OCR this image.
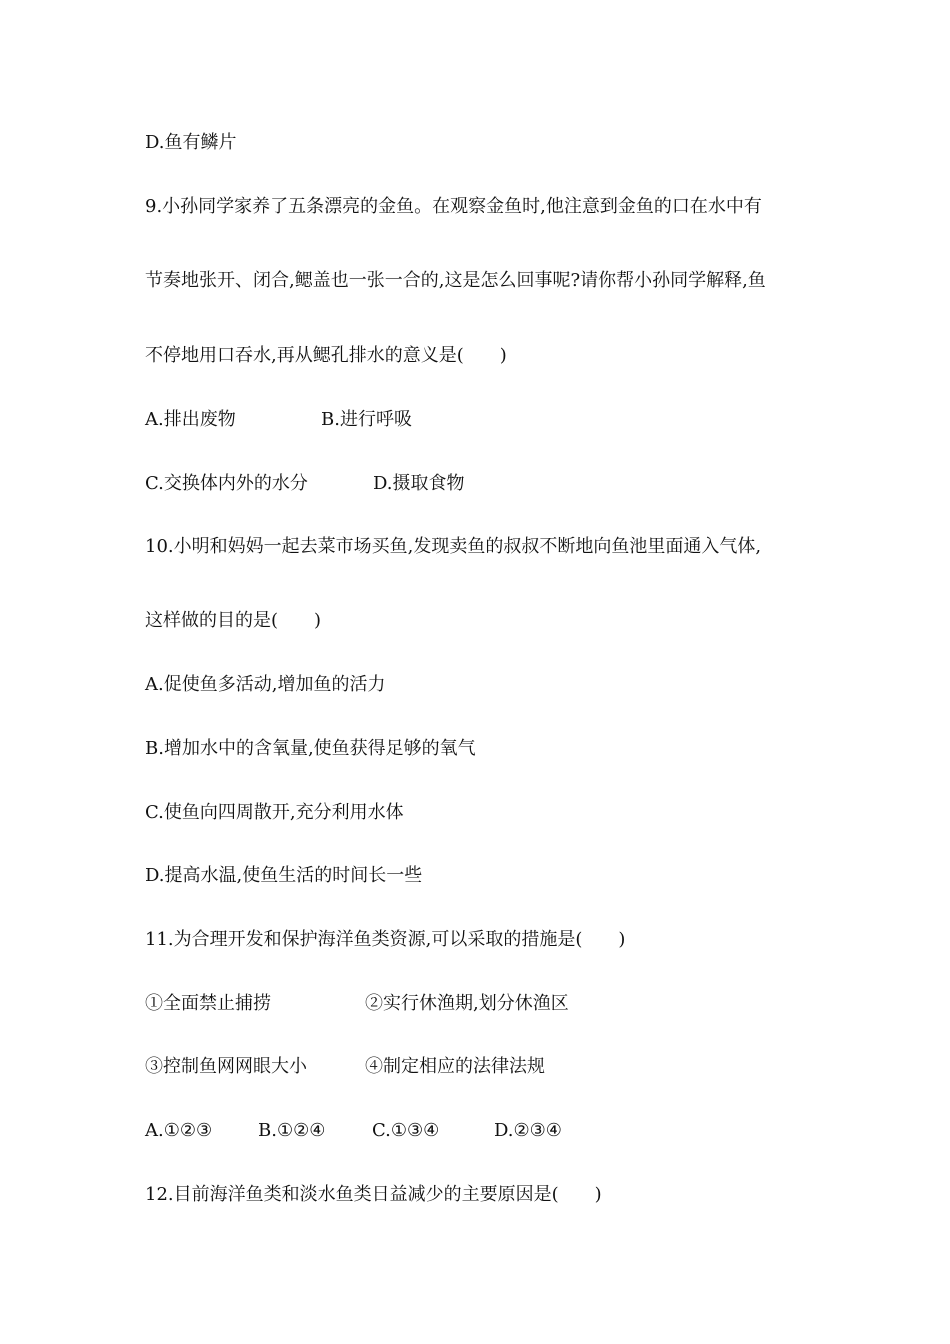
D.鱼有鳞片
9.小孙同学家养了五条漂亮的金鱼。在观察金鱼时,他注意到金鱼的口在水中有
节奏地张开、闭合,鳃盖也一张一合的,这是怎么回事呢?请你帮小孙同学解释,鱼
不停地用口吞水,再从鳃孔排水的意义是(　　)
A.排出废物	B.进行呼吸
C.交换体内外的水分	D.摄取食物
10.小明和妈妈一起去菜市场买鱼,发现卖鱼的叔叔不断地向鱼池里面通入气体,
这样做的目的是(　　)
A.促使鱼多活动,增加鱼的活力
B.增加水中的含氧量,使鱼获得足够的氧气
C.使鱼向四周散开,充分利用水体
D.提高水温,使鱼生活的时间长一些
11.为合理开发和保护海洋鱼类资源,可以采取的措施是(　　)
①全面禁止捕捞	②实行休渔期,划分休渔区
③控制鱼网网眼大小	④制定相应的法律法规
A.①②③	B.①②④	C.①③④	D.②③④
12.目前海洋鱼类和淡水鱼类日益减少的主要原因是(　　)
